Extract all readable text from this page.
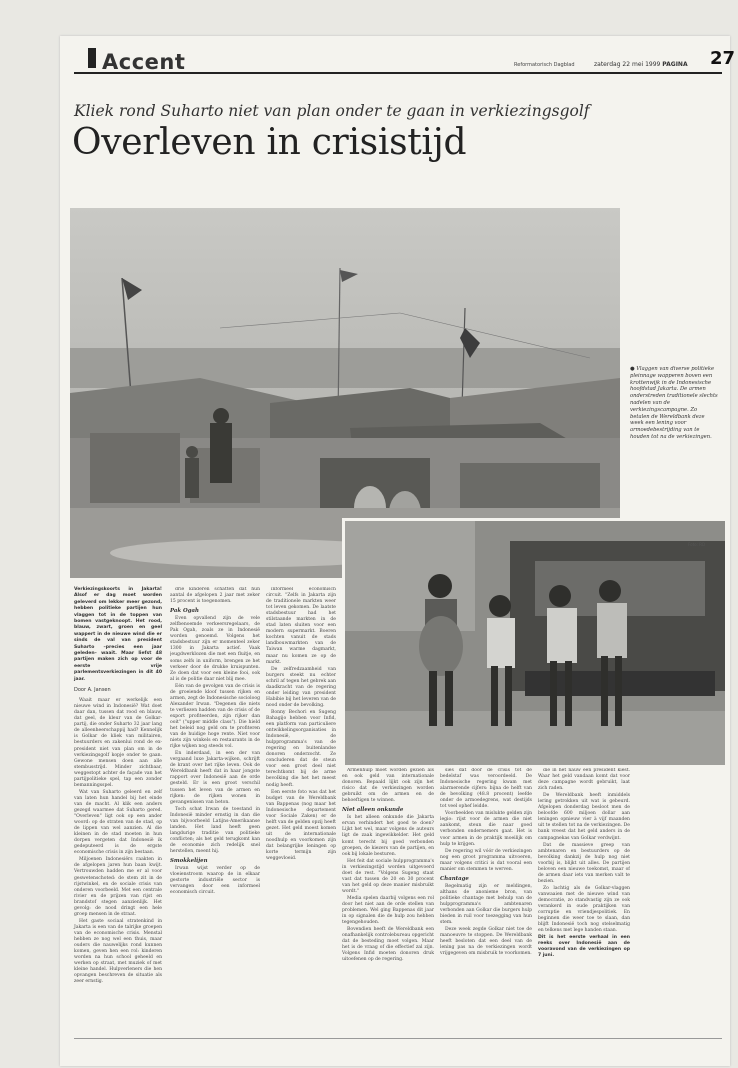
Accent	Reformatorisch Dagblad	zaterdag 22 mei 1999 PAGINA 27
Kliek rond Suharto niet van plan onder te gaan in verkiezingsgolf
Overleven in crisistijd
● Vlaggen van diverse politieke pleinnage wapperen boven een krottenwijk in de Indonesische hoofdstad Jakarta. De armen onderstreden traditionele slechts nadelen van de verkiezingscampagne. Zo betalen de Wereldbank deze week een lening voor armoedebestrijding van te houden tot na de verkiezingen.
Foto: RD

Verkiezingskoorts in Jakarta! Alsof er dag moet worden geleverd om lekker meer gezond, hebben politieke partijen hun vlaggen tot in de toppen van bomen vastgeknoopt. Het rood, blauw, zwart, groen en geel wappert in de nieuwe wind die er sinds de val van president Suharto –precies een jaar geleden– waait. Maar liefst 48 partijen maken zich op voor de eerste vrije parlementsverkiezingen in dit 40 jaar.

Door A. Jansen

Waait maar er werkelijk een nieuwe wind in Indonesië? Wat doet daar dan, tussen dat rood en blauw, dat geel, de kleur van de Golkar-partij, die onder Suharto 32 jaar lang de alleenheerschappij had? Kennelijk is Golkar de kliek van militairen, bestuurders en zakenlui rond de ex-president niet van plan om in de verkiezingsgolf kopje onder te gaan. Gewone mensen doen aan alle stembusstrijd. Minder zichtbaar, weggestopt achter de façade van het partijpolitieke spel, tap een zonder bemanningsspel.

Wat van Suharto geleerd en zelf van laten hun handel bij het einde van de macht. Al klik een anders gezegd waarmee dat Suharto gered. "Overleven" ligt ook op een ander woord: op de straten van de stad, op de lippen van wel aanzien. Al die kleinen in de stad moeten in hun dorpen vergeten dat Indonesië ik gedeputeerd is de ergste economische crisis in zijn bestaan.

Miljoenen Indonesiërs raakten in de afgelopen jaren hun baan kwijt. Vertrouwden hadden me er al voor geswetenschoted: de stem zit in de rijstwinkel, en de sociale crisis van onderen voorbeeld. Met een centrale rivier en de prijzen van rijst en brandstof stegen aanzienlijk. Het gevolg: de nood dringt een hele groep mensen in de straat.

Het gaste sociaal stratenkind in Jakarta is een van de talrijke groepen van de economische crisis. Menstal hebben ze nog wel een thuis, maar ouders die nauwelijks rond kunnen komen, geven hen een rol: kinderen worden na hun school geheeld en werken op straat, met muziek of met kleine handel. Hulpverleners die hen opvangen beschreven de situatie als zeer ernstig.

drie kinderen schatten dat hun aantal de afgelopen 2 jaar met zeker 15 procent is toegenomen.

Pak Ogah

Even opvallend zijn de vele zelfbenoemde verkeersregelaars, de Pak Ogah, zoals ze in Indonesië worden genoemd. Volgens het stadsbestuur zijn er momenteel zeker 1300 in Jakarta actief. Vaak jeugdwerklozen die met een fluitje, en soms zelfs in uniform, brengen ze het verkeer door de drukke kruispunten. Ze doen dat voor een kleine fooi, ook al is de politie daar niet blij mee.

Eén van de gevolgen van de crisis is de groeiende kloof tussen rijken en armen, zegt de Indonesische socioloog Alexander Irwan. "Degenen die niets te verliezen hadden van de crisis of de export profiteerden, zijn rijker dan ooit" ("upper middle class"). Die hield het beleid nog geld om te profiteren van de huidige hoge rente. Niet voor niets zijn winkels en restaurants in de rijke wijken nog steeds vol.

En inderdaad, in een der van vergaand luxe Jakarta-wijken, schrijft de krant over het rijke leven. Ook de Wereldbank heeft dat in haar jongste rapport over Indonesië aan de orde gesteld. Er is een groot verschil tussen het leven van de armen en rijken: de rijken wonen in gevangenissen van beton.

Toch schat Irwan de toestand in Indonesië minder ernstig in dan die van bijvoorbeeld Latijns-Amerikaanse landen. Het land heeft geen langdurige traditie van politieke conflicten; als het geld terugkomt kan de economie zich redelijk snel herstellen, meent hij.

Smokkelijen

Irwan wijst verder op de vloeienstroom waarop de in elkaar gestorte industriële sector is vervangen door een informeel economisch circuit.

informeel economisch circuit. "Zelfs in Jakarta zijn de traditionele markten weer tot leven gekomen. De laatste stadsbestuur had het stilstaande markten in de stad laten sluiten voor een modern supermarkt. Boeren kochten vanuit de stads landbouwmarkten van de Taiwan warme dagmarkt, maar nu komen ze op de markt.

De zelfredzaamheid van burgers steekt nu echter schril af tegen het gebrek aan daadkracht van de regering onder leiding van president Habibie bij het leveren van de nood onder de bevolking.

Bonny Bechori en Sugeng Bahagijo hebben voor Infid, een platform van particuliere ontwikkelingsorganisaties in Indonesië, de hulpprogramma's van de regering en buitenlandse donoren onderzocht. Ze concluderen dat de steun voor een groot deel niet terechtkomt bij de arme bevolking die het het meest nodig heeft.

Een eerste foto was dat het budget van de Wereldbank van Bappenas (nog maar het Indonesische departement voor Sociale Zaken) er de helft van de gelden opzij heeft gezet. Het geld moest komen uit de internationale noodhulp en voorkomen zijn dat belangrijke leningen op korte termijn zijn weggevloeid.

Armenhulp moet worden gezien als en ook geld van internationale donoren. Bepaald lijkt ook zijn het risico dat de verkiezingen worden gebruikt om de armen en de behoeftigen te winnen.

Niet alleen onkunde

Is het alleen onkunde die Jakarta ervan verhindert het goed te doen? Lijkt het wel, maar volgens de auteurs ligt de zaak ingewikkelder. Het geld komt terecht bij goed verbonden groepen, de kiezers van de partijen, en ook bij lokale besturen.

Het feit dat sociale hulpprogramma's in verkiezingstijd worden uitgevoerd doet de rest. "Volgens Sugeng staat vast dat tussen de 20 en 30 procent van het geld op deze manier misbruikt wordt."

Media spelen daarbij volgens een rol door het niet aan de orde stellen van problemen. Wel ging Bappenas dit jaar in op signalen die de hulp zou hebben tegengehouden.

Bovendien heeft de Wereldbank een onafhankelijk controlebureau opgericht dat de besteding moet volgen. Maar het is de vraag of die effectief zal zijn. Volgens Infid moeten donoren druk uitoefenen op de regering.

sies dat door de crisis tot de bedelstaf was veroordeeld. De Indonesische regering kwam met alarmerende cijfers: bijna de helft van de bevolking (48.8 procent) leefde onder de armoedegrens, wat destijds tot veel ophef leidde.

Voorbeelden van mislukte gelden zijn legio: rijst voor de armen die niet aankomt, steun die naar goed verbonden ondernemers gaat. Het is voor armen in de praktijk moeilijk om hulp te krijgen.

De regering wil vóór de verkiezingen nog een groot programma uitvoeren, maar volgens critici is dat vooral een manier om stemmen te werven.

Chantage

Regelmatig zijn er meldingen, althans de anonieme bron, van politieke chantage met behulp van de hulpprogramma's ambtenaren verbonden aan Golkar die burgers hulp bieden in ruil voor toezegging van hun stem.

Deze week zegde Golkar niet toe de manoeuvre te stoppen. De Wereldbank heeft besloten dat een deel van de lening pas na de verkiezingen wordt vrijgegeven om misbruik te voorkomen.

die in het nauw een president kiest. Waar het geld vandaan komt dat voor deze campagne wordt gebruikt, laat zich raden.

De Wereldbank heeft inmiddels lering getrokken uit wat is gebeurd. Afgelopen donderdag besloot men de beloofde 600 miljoen dollar aan leningen opnieuw vier à vijf maanden uit te stellen tot na de verkiezingen. De bank vreest dat het geld anders in de campagnekas van Golkar verdwijnt.

Dat de massieve greep van ambtenaren en bestuurders op de bevolking dankzij de hulp nog niet voorbij is, blijkt uit alles. De partijen beloven een nieuwe toekomst, maar of de armen daar iets van merken valt te bezien.

Zo lachtig als de Golkar-vlaggen vanwaaien met de nieuwe wind van democratie, zo standvastig zijn ze ook verankerd in oude praktijken van corruptie en vriendjespolitiek. En beginnen die weer toe te slaan, dan blijft Indonesië toch nog stelselmatig en telkens met lege handen staan.

Dit is het eerste verhaal in een reeks over Indonesië aan de vooravond van de verkiezingen op 7 juni.
